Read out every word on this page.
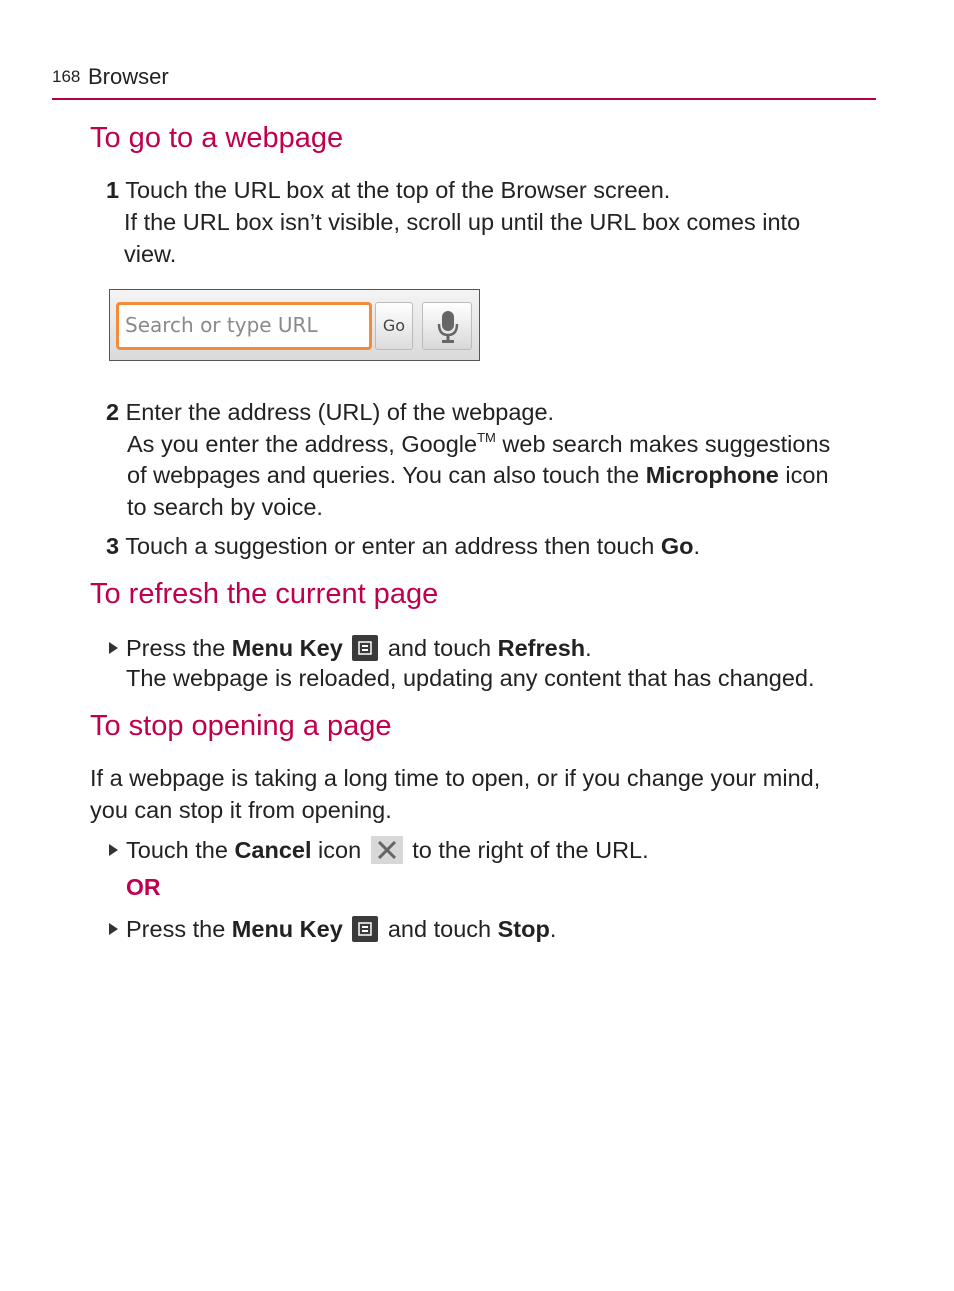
168 Browser
To go to a webpage

1 Touch the URL box at the top of the Browser screen.

If the URL box isn’t visible, scroll up until the URL box comes into

view.

Search or type URL
Go

2 Enter the address (URL) of the webpage.

As you enter the address, Google™ web search makes suggestions

of webpages and queries. You can also touch the Microphone icon

to search by voice.

3 Touch a suggestion or enter an address then touch Go.

To refresh the current page

Press the Menu Key
and touch Refresh.

The webpage is reloaded, updating any content that has changed.

To stop opening a page

If a webpage is taking a long time to open, or if you change your mind,

you can stop it from opening.

Touch the Cancel icon
to the right of the URL.

OR

Press the Menu Key
and touch Stop.
